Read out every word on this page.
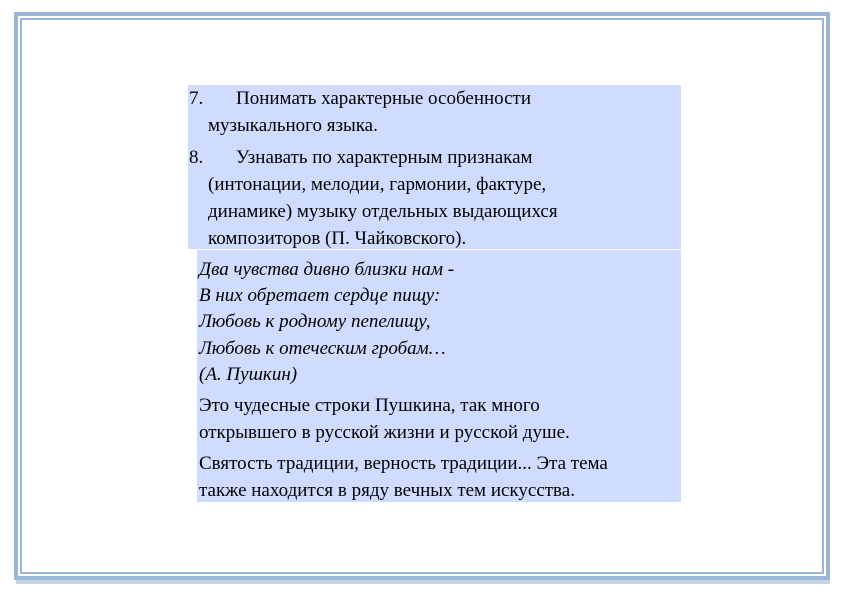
7. Понимать характерные особенности
музыкального языка.
8. Узнавать по характерным признакам
(интонации, мелодии, гармонии, фактуре,
динамике) музыку отдельных выдающихся
композиторов (П. Чайковского).
Два чувства дивно близки нам -
В них обретает сердце пищу:
Любовь к родному пепелищу,
Любовь к отеческим гробам…
(А. Пушкин)
Это чудесные строки Пушкина, так много
открывшего в русской жизни и русской душе.
Святость традиции, верность традиции... Эта тема
также находится в ряду вечных тем искусства.
